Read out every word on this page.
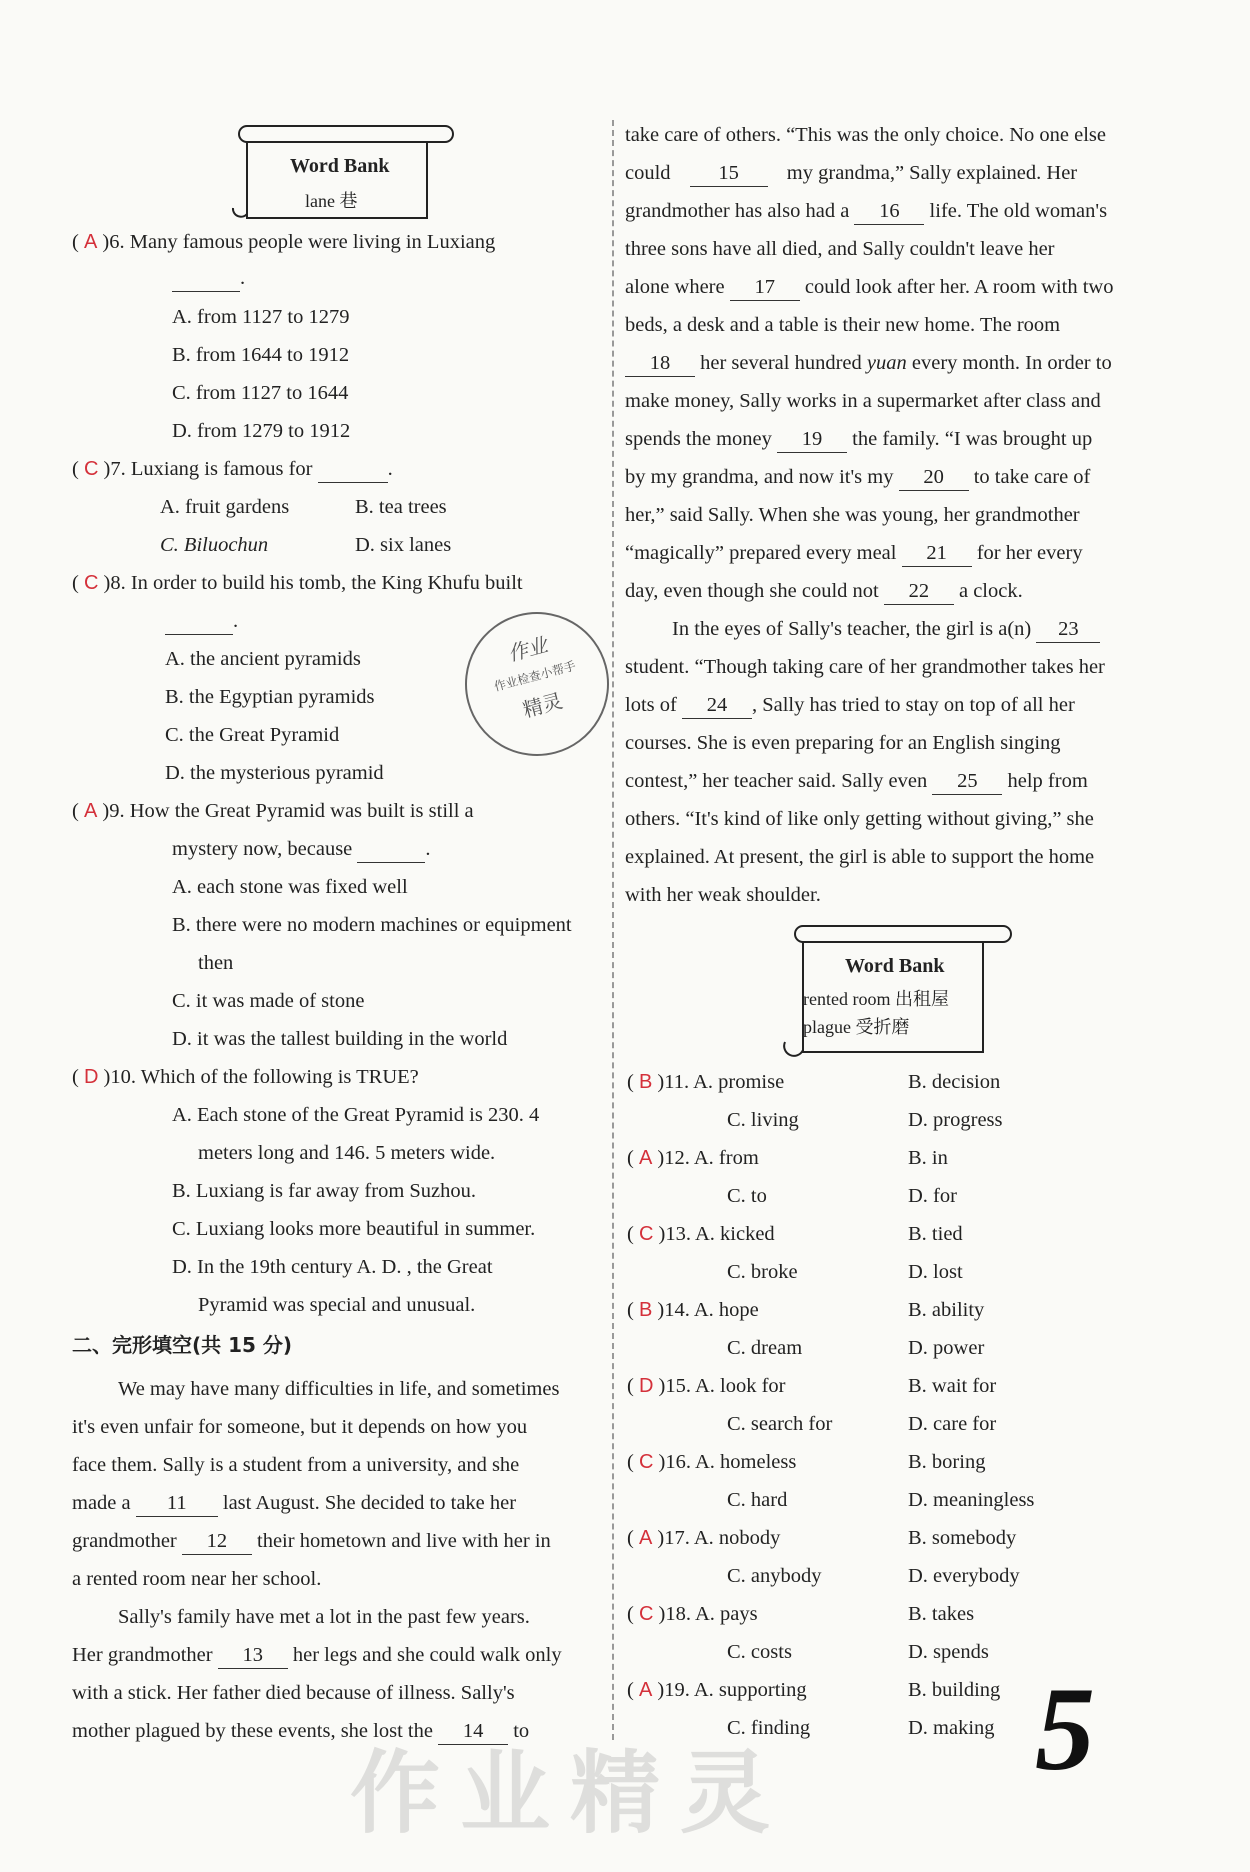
Word Bank
lane 巷
( A )6. Many famous people were living in Luxiang
.
A. from 1127 to 1279
B. from 1644 to 1912
C. from 1127 to 1644
D. from 1279 to 1912
( C )7. Luxiang is famous for	.
A. fruit gardens	B. tea trees
C. Biluochun	D. six lanes
( C )8. In order to build his tomb, the King Khufu built
.
A. the ancient pyramids
B. the Egyptian pyramids
C. the Great Pyramid
D. the mysterious pyramid
作业
作业检查小帮手
精灵
( A )9. How the Great Pyramid was built is still a
mystery now, because	.
A. each stone was fixed well
B. there were no modern machines or equipment
then
C. it was made of stone
D. it was the tallest building in the world
( D )10. Which of the following is TRUE?
A. Each stone of the Great Pyramid is 230. 4
meters long and 146. 5 meters wide.
B. Luxiang is far away from Suzhou.
C. Luxiang looks more beautiful in summer.
D. In the 19th century A. D. , the Great
Pyramid was special and unusual.
二、完形填空(共 15 分)
We may have many difficulties in life, and sometimes
it's even unfair for someone, but it depends on how you
face them. Sally is a student from a university, and she
made a 11 last August. She decided to take her
grandmother 12 their hometown and live with her in
a rented room near her school.
Sally's family have met a lot in the past few years.
Her grandmother 13 her legs and she could walk only
with a stick. Her father died because of illness. Sally's
mother plagued by these events, she lost the 14 to
take care of others. “This was the only choice. No one else
could 15 my grandma,” Sally explained. Her
grandmother has also had a 16 life. The old woman's
three sons have all died, and Sally couldn't leave her
alone where 17 could look after her. A room with two
beds, a desk and a table is their new home. The room
18 her several hundred yuan every month. In order to
make money, Sally works in a supermarket after class and
spends the money 19 the family. “I was brought up
by my grandma, and now it's my 20 to take care of
her,” said Sally. When she was young, her grandmother
“magically” prepared every meal 21 for her every
day, even though she could not 22 a clock.
In the eyes of Sally's teacher, the girl is a(n) 23
student. “Though taking care of her grandmother takes her
lots of 24 , Sally has tried to stay on top of all her
courses. She is even preparing for an English singing
contest,” her teacher said. Sally even 25 help from
others. “It's kind of like only getting without giving,” she
explained. At present, the girl is able to support the home
with her weak shoulder.
Word Bank
rented room 出租屋
plague 受折磨
( B )11. A. promise	B. decision
C. living	D. progress
( A )12. A. from	B. in
C. to	D. for
( C )13. A. kicked	B. tied
C. broke	D. lost
( B )14. A. hope	B. ability
C. dream	D. power
( D )15. A. look for	B. wait for
C. search for	D. care for
( C )16. A. homeless	B. boring
C. hard	D. meaningless
( A )17. A. nobody	B. somebody
C. anybody	D. everybody
( C )18. A. pays	B. takes
C. costs	D. spends
( A )19. A. supporting	B. building
C. finding	D. making 5
作业精灵
